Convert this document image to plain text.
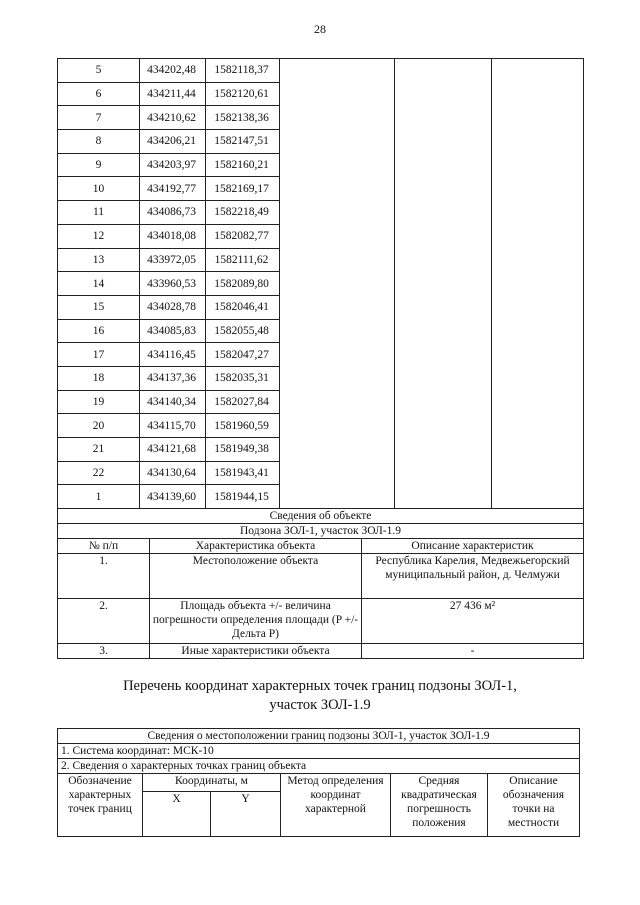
28
5	434202,48	1582118,37			
6	434211,44	1582120,61			
7	434210,62	1582138,36			
8	434206,21	1582147,51			
9	434203,97	1582160,21			
10	434192,77	1582169,17			
11	434086,73	1582218,49			
12	434018,08	1582082,77			
13	433972,05	1582111,62			
14	433960,53	1582089,80			
15	434028,78	1582046,41			
16	434085,83	1582055,48			
17	434116,45	1582047,27			
18	434137,36	1582035,31			
19	434140,34	1582027,84			
20	434115,70	1581960,59			
21	434121,68	1581949,38			
22	434130,64	1581943,41			
1	434139,60	1581944,15			
Сведения об объекте		
Подзона ЗОЛ-1, участок ЗОЛ-1.9		
№ п/п	Характеристика объекта	Описание характеристик
1.	Местоположение объекта	Республика Карелия, Медвежьегорский муниципальный район, д. Челмужи
2.	Площадь объекта +/- величина погрешности определения площади (P +/- Дельта P)	27 436 м²
3.	Иные характеристики объекта	-
Перечень координат характерных точек границ подзоны ЗОЛ-1,
участок ЗОЛ-1.9
Сведения о местоположении границ подзоны ЗОЛ-1, участок ЗОЛ-1.9					
1. Система координат: МСК-10					
2. Сведения о характерных точках границ объекта					
Обозначение характерных точек границ	Координаты, м		Метод определения координат характерной	Средняя квадратическая погрешность положения	Описание обозначения точки на местности
	X	Y			
